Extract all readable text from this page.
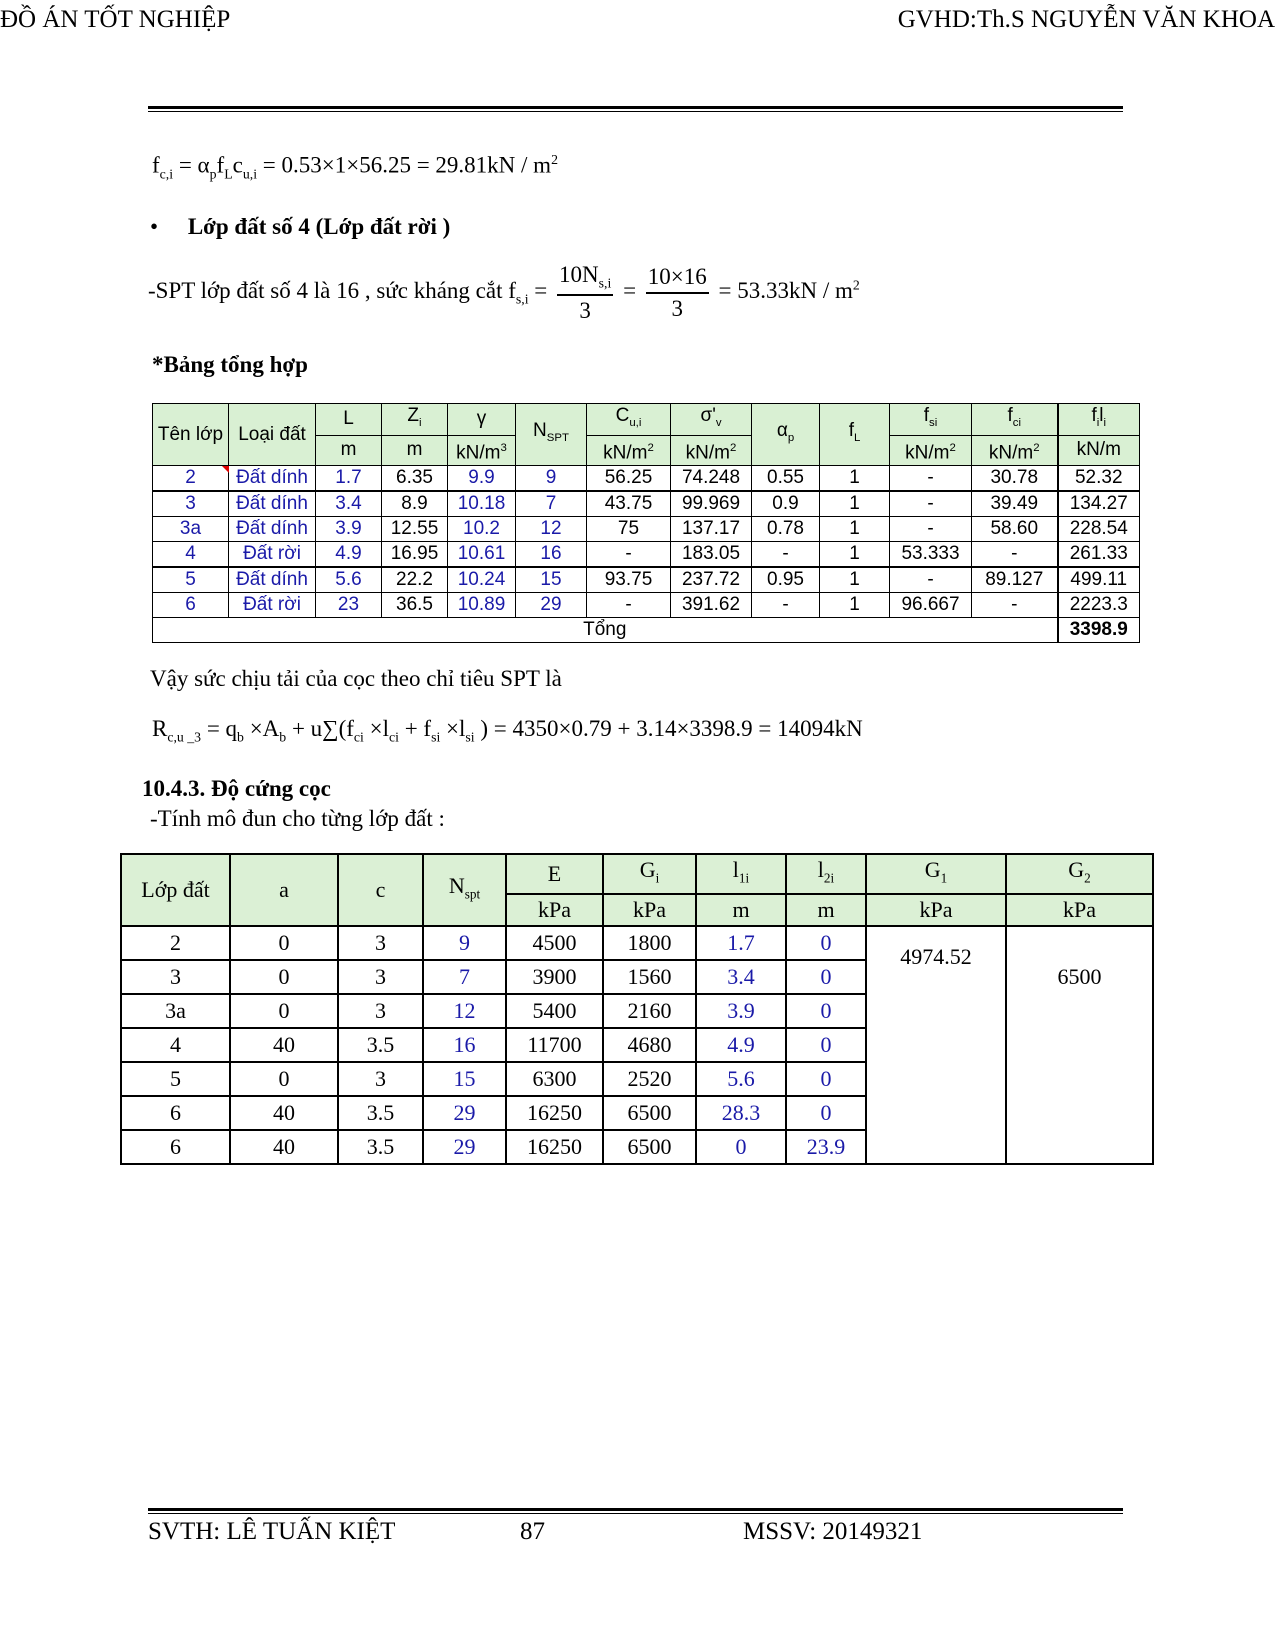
ĐỒ ÁN TỐT NGHIỆP	GVHD:Th.S NGUYỄN VĂN KHOA
$f_{c,i} = \alpha_pf_Lc_{u,i} = 0.53\times 1\times 56.25 = 29.81kN / m^2$
• Lớp đất số 4 (Lớp đất rời )
-SPT lớp đất số 4 là 16 , sức kháng cắt $f_{s,i} = \frac{10N_{s,i}}{3} = \frac{10\times 16}{3} = 53.33kN / m^2$
*Bảng tổng hợp
Tên lớp	Loại đất	L	$Z_i$	γ	$N_{SPT}$	$C_{u,i}$	$\sigma'_v$	$\alpha_p$	$f_L$	$f_{si}$	$f_{ci}$	$f_il_i$
		m	m	$kN/m^3$		$kN/m^2$	$kN/m^2$			$kN/m^2$	$kN/m^2$	kN/m
2	Đất dính	1.7	6.35	9.9	9	56.25	74.248	0.55	1	-	30.78	52.32
3	Đất dính	3.4	8.9	10.18	7	43.75	99.969	0.9	1	-	39.49	134.27
3a	Đất dính	3.9	12.55	10.2	12	75	137.17	0.78	1	-	58.60	228.54
4	Đất rời	4.9	16.95	10.61	16	-	183.05	-	1	53.333	-	261.33
5	Đất dính	5.6	22.2	10.24	15	93.75	237.72	0.95	1	-	89.127	499.11
6	Đất rời	23	36.5	10.89	29	-	391.62	-	1	96.667	-	2223.3
Tổng												3398.9
Vậy sức chịu tải của cọc theo chỉ tiêu SPT là
$R_{c,u \_3} = q_b \times A_b + u\sum(f_{ci} \times l_{ci} + f_{si} \times l_{si}$ ) = 4350×0.79 + 3.14×3398.9 = 14094kN
10.4.3. Độ cứng cọc
-Tính mô đun cho từng lớp đất :
Lớp đất	a	c	$N_{spt}$	E	$G_i$	$l_{1i}$	$l_{2i}$	$G_1$	$G_2$
				kPa	kPa	m	m	kPa	kPa
2	0	3	9	4500	1800	1.7	0	4974.52	6500
3	0	3	7	3900	1560	3.4	0		
3a	0	3	12	5400	2160	3.9	0		
4	40	3.5	16	11700	4680	4.9	0		
5	0	3	15	6300	2520	5.6	0		
6	40	3.5	29	16250	6500	28.3	0		
6	40	3.5	29	16250	6500	0	23.9		
SVTH: LÊ TUẤN KIỆT	87	MSSV: 20149321
